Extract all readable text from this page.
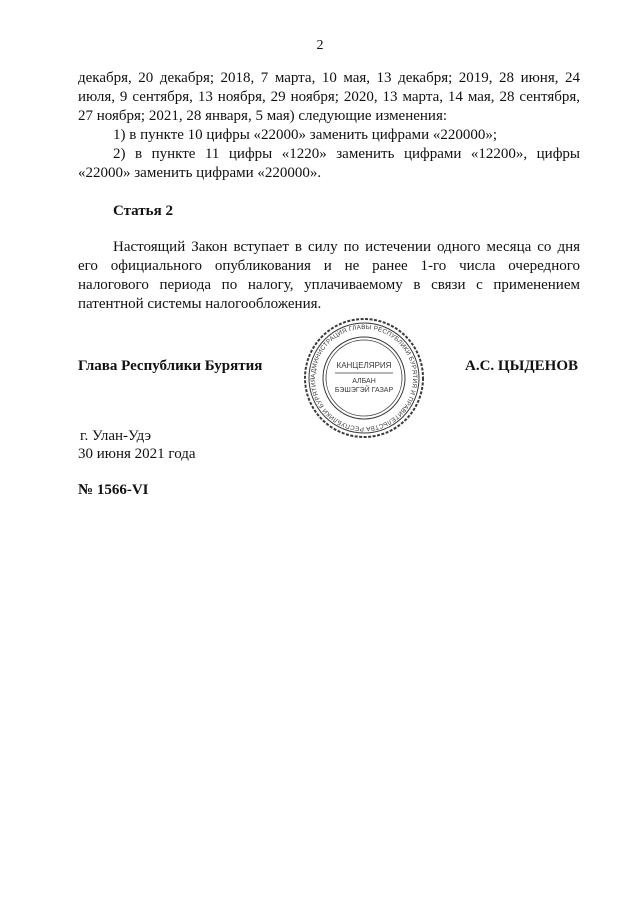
2

декабря, 20 декабря; 2018, 7 марта, 10 мая, 13 декабря; 2019, 28 июня, 24 июля, 9 сентября, 13 ноября, 29 ноября; 2020, 13 марта, 14 мая, 28 сентября, 27 ноября; 2021, 28 января, 5 мая) следующие изменения:

1) в пункте 10 цифры «22000» заменить цифрами «220000»;

2) в пункте 11 цифры «1220» заменить цифрами «12200», цифры «22000» заменить цифрами «220000».

Статья 2
Настоящий Закон вступает в силу по истечении одного месяца со дня его официального опубликования и не ранее 1-го числа очередного налогового периода по налогу, уплачиваемому в связи с применением патентной системы налогообложения.
Глава Республики Бурятия
АДМИНИСТРАЦИЯ ГЛАВЫ РЕСПУБЛИКИ БУРЯТИЯ И ПРАВИТЕЛЬСТВА РЕСПУБЛИКИ БУРЯТИЯ
КАНЦЕЛЯРИЯ
АЛБАН
БЭШЭГЭЙ ГАЗАР
А.С. ЦЫДЕНОВ
г. Улан-Удэ
30 июня 2021 года
№ 1566-VI
